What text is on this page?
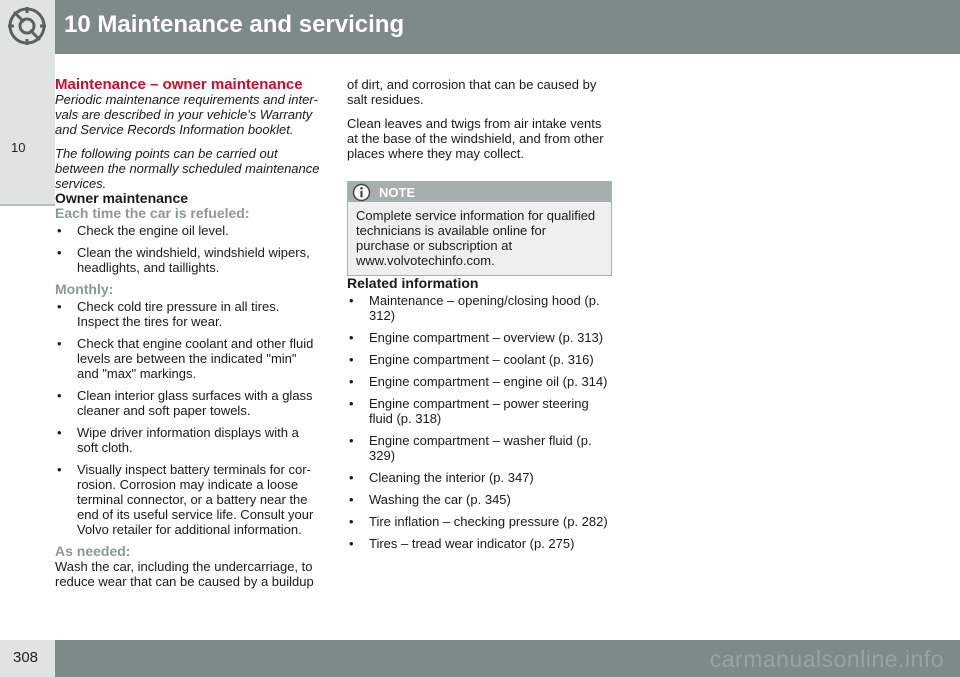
10 Maintenance and servicing
10

Maintenance – owner maintenance

Periodic maintenance requirements and inter-vals are described in your vehicle's Warranty and Service Records Information booklet.

The following points can be carried out between the normally scheduled maintenance services.

Owner maintenance

Each time the car is refueled:

• Check the engine oil level.
• Clean the windshield, windshield wipers, headlights, and taillights.

Monthly:

• Check cold tire pressure in all tires. Inspect the tires for wear.
• Check that engine coolant and other fluid levels are between the indicated "min" and "max" markings.
• Clean interior glass surfaces with a glass cleaner and soft paper towels.
• Wipe driver information displays with a soft cloth.
• Visually inspect battery terminals for cor-rosion. Corrosion may indicate a loose terminal connector, or a battery near the end of its useful service life. Consult your Volvo retailer for additional information.

As needed:

Wash the car, including the undercarriage, to reduce wear that can be caused by a buildup

of dirt, and corrosion that can be caused by salt residues.

Clean leaves and twigs from air intake vents at the base of the windshield, and from other places where they may collect.

NOTE
Complete service information for qualified technicians is available online for purchase or subscription at www.volvotechinfo.com.

Related information

• Maintenance – opening/closing hood (p. 312)
• Engine compartment – overview (p. 313)
• Engine compartment – coolant (p. 316)
• Engine compartment – engine oil (p. 314)
• Engine compartment – power steering fluid (p. 318)
• Engine compartment – washer fluid (p. 329)
• Cleaning the interior (p. 347)
• Washing the car (p. 345)
• Tire inflation – checking pressure (p. 282)
• Tires – tread wear indicator (p. 275)
308	carmanualsonline.info
